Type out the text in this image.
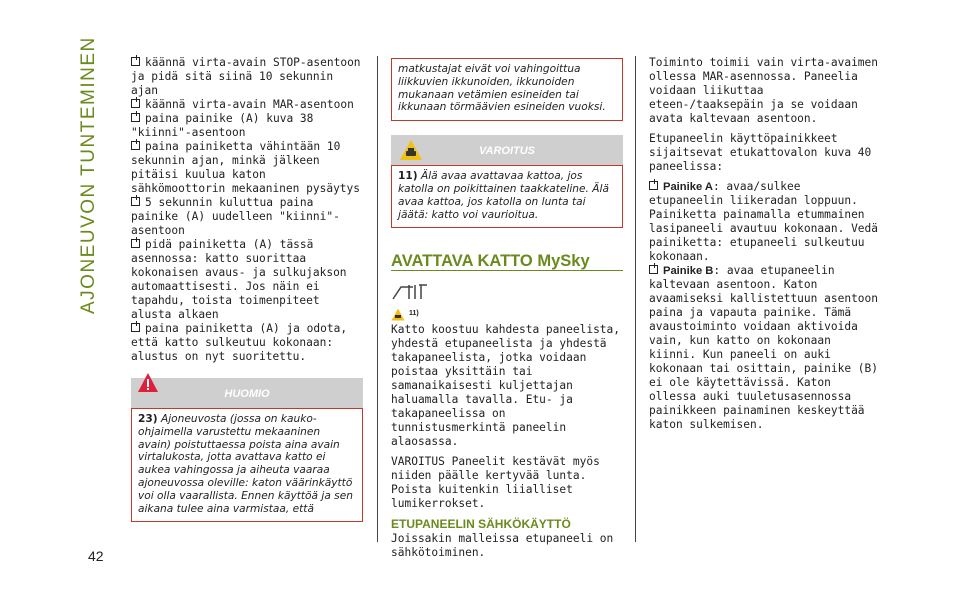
AJONEUVON TUNTEMINEN
42
käännä virta-avain STOP-asentoon ja pidä sitä siinä 10 sekunnin ajan
käännä virta-avain MAR-asentoon
paina painike (A) kuva 38 "kiinni"-asentoon
paina painiketta vähintään 10 sekunnin ajan, minkä jälkeen pitäisi kuulua katon sähkömoottorin mekaaninen pysäytys
5 sekunnin kuluttua paina painike (A) uudelleen "kiinni"-asentoon
pidä painiketta (A) tässä asennossa: katto suorittaa kokonaisen avaus- ja sulkujakson automaattisesti. Jos näin ei tapahdu, toista toimenpiteet alusta alkaen
paina painiketta (A) ja odota, että katto sulkeutuu kokonaan: alustus on nyt suoritettu.
HUOMIO
23) Ajoneuvosta (jossa on kauko-ohjaimella varustettu mekaaninen avain) poistuttaessa poista aina avain virtalukosta, jotta avattava katto ei aukea vahingossa ja aiheuta vaaraa ajoneuvossa oleville: katon väärinkäyttö voi olla vaarallista. Ennen käyttöä ja sen aikana tulee aina varmistaa, että
matkustajat eivät voi vahingoittua liikkuvien ikkunoiden, ikkunoiden mukanaan vetämien esineiden tai ikkunaan törmäävien esineiden vuoksi.
VAROITUS
11) Älä avaa avattavaa kattoa, jos katolla on poikittainen taakkateline. Älä avaa kattoa, jos katolla on lunta tai jäätä: katto voi vaurioitua.
AVATTAVA KATTO MySky
11)

Katto koostuu kahdesta paneelista, yhdestä etupaneelista ja yhdestä takapaneelista, jotka voidaan poistaa yksittäin tai samanaikaisesti kuljettajan haluamalla tavalla. Etu- ja takapaneelissa on tunnistusmerkintä paneelin alaosassa.

VAROITUS Paneelit kestävät myös niiden päälle kertyvää lunta. Poista kuitenkin liialliset lumikerrokset.

ETUPANEELIN SÄHKÖKÄYTTÖ

Joissakin malleissa etupaneeli on sähkötoiminen.

Toiminto toimii vain virta-avaimen ollessa MAR-asennossa. Paneelia voidaan liikuttaa eteen-/taaksepäin ja se voidaan avata kaltevaan asentoon.

Etupaneelin käyttöpainikkeet sijaitsevat etukattovalon kuva 40 paneelissa:

Painike A: avaa/sulkee etupaneelin liikeradan loppuun. Painiketta painamalla etummainen lasipaneeli avautuu kokonaan. Vedä painiketta: etupaneeli sulkeutuu kokonaan.
Painike B: avaa etupaneelin kaltevaan asentoon. Katon avaamiseksi kallistettuun asentoon paina ja vapauta painike. Tämä avaustoiminto voidaan aktivoida vain, kun katto on kokonaan kiinni. Kun paneeli on auki kokonaan tai osittain, painike (B) ei ole käytettävissä. Katon ollessa auki tuuletusasennossa painikkeen painaminen keskeyttää katon sulkemisen.
